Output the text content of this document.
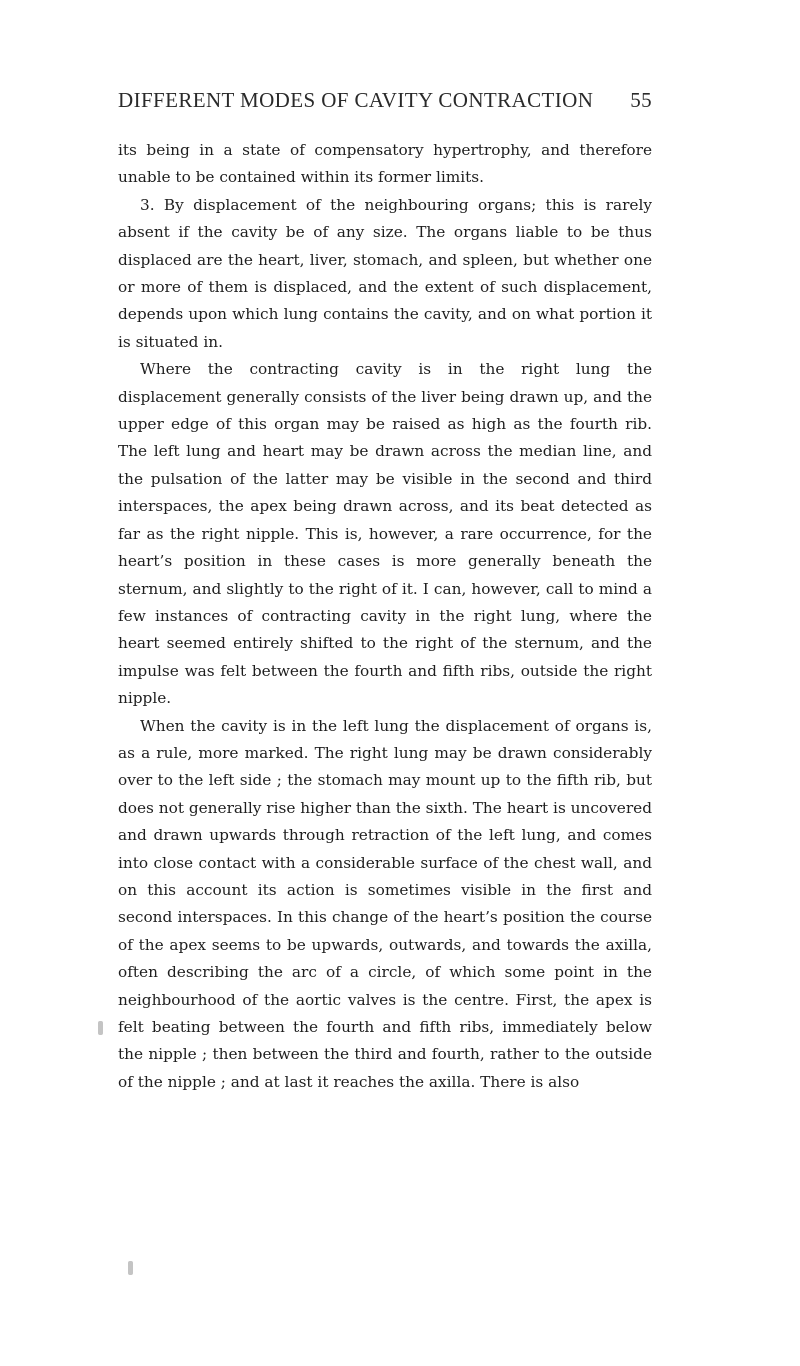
DIFFERENT MODES OF CAVITY CONTRACTION 55

its being in a state of compensatory hypertrophy, and therefore unable to be contained within its former limits.

3. By displacement of the neighbouring organs; this is rarely absent if the cavity be of any size. The organs liable to be thus displaced are the heart, liver, stomach, and spleen, but whether one or more of them is displaced, and the extent of such displacement, depends upon which lung contains the cavity, and on what portion it is situated in.

Where the contracting cavity is in the right lung the displacement generally consists of the liver being drawn up, and the upper edge of this organ may be raised as high as the fourth rib. The left lung and heart may be drawn across the median line, and the pulsation of the latter may be visible in the second and third interspaces, the apex being drawn across, and its beat detected as far as the right nipple. This is, however, a rare occurrence, for the heart’s position in these cases is more generally beneath the sternum, and slightly to the right of it. I can, however, call to mind a few instances of contracting cavity in the right lung, where the heart seemed entirely shifted to the right of the sternum, and the impulse was felt between the fourth and fifth ribs, outside the right nipple.

When the cavity is in the left lung the displacement of organs is, as a rule, more marked. The right lung may be drawn considerably over to the left side ; the stomach may mount up to the fifth rib, but does not generally rise higher than the sixth. The heart is uncovered and drawn upwards through retraction of the left lung, and comes into close contact with a considerable surface of the chest wall, and on this account its action is sometimes visible in the first and second interspaces. In this change of the heart’s position the course of the apex seems to be upwards, outwards, and towards the axilla, often describing the arc of a circle, of which some point in the neighbourhood of the aortic valves is the centre. First, the apex is felt beating between the fourth and fifth ribs, immediately below the nipple ; then between the third and fourth, rather to the outside of the nipple ; and at last it reaches the axilla. There is also
